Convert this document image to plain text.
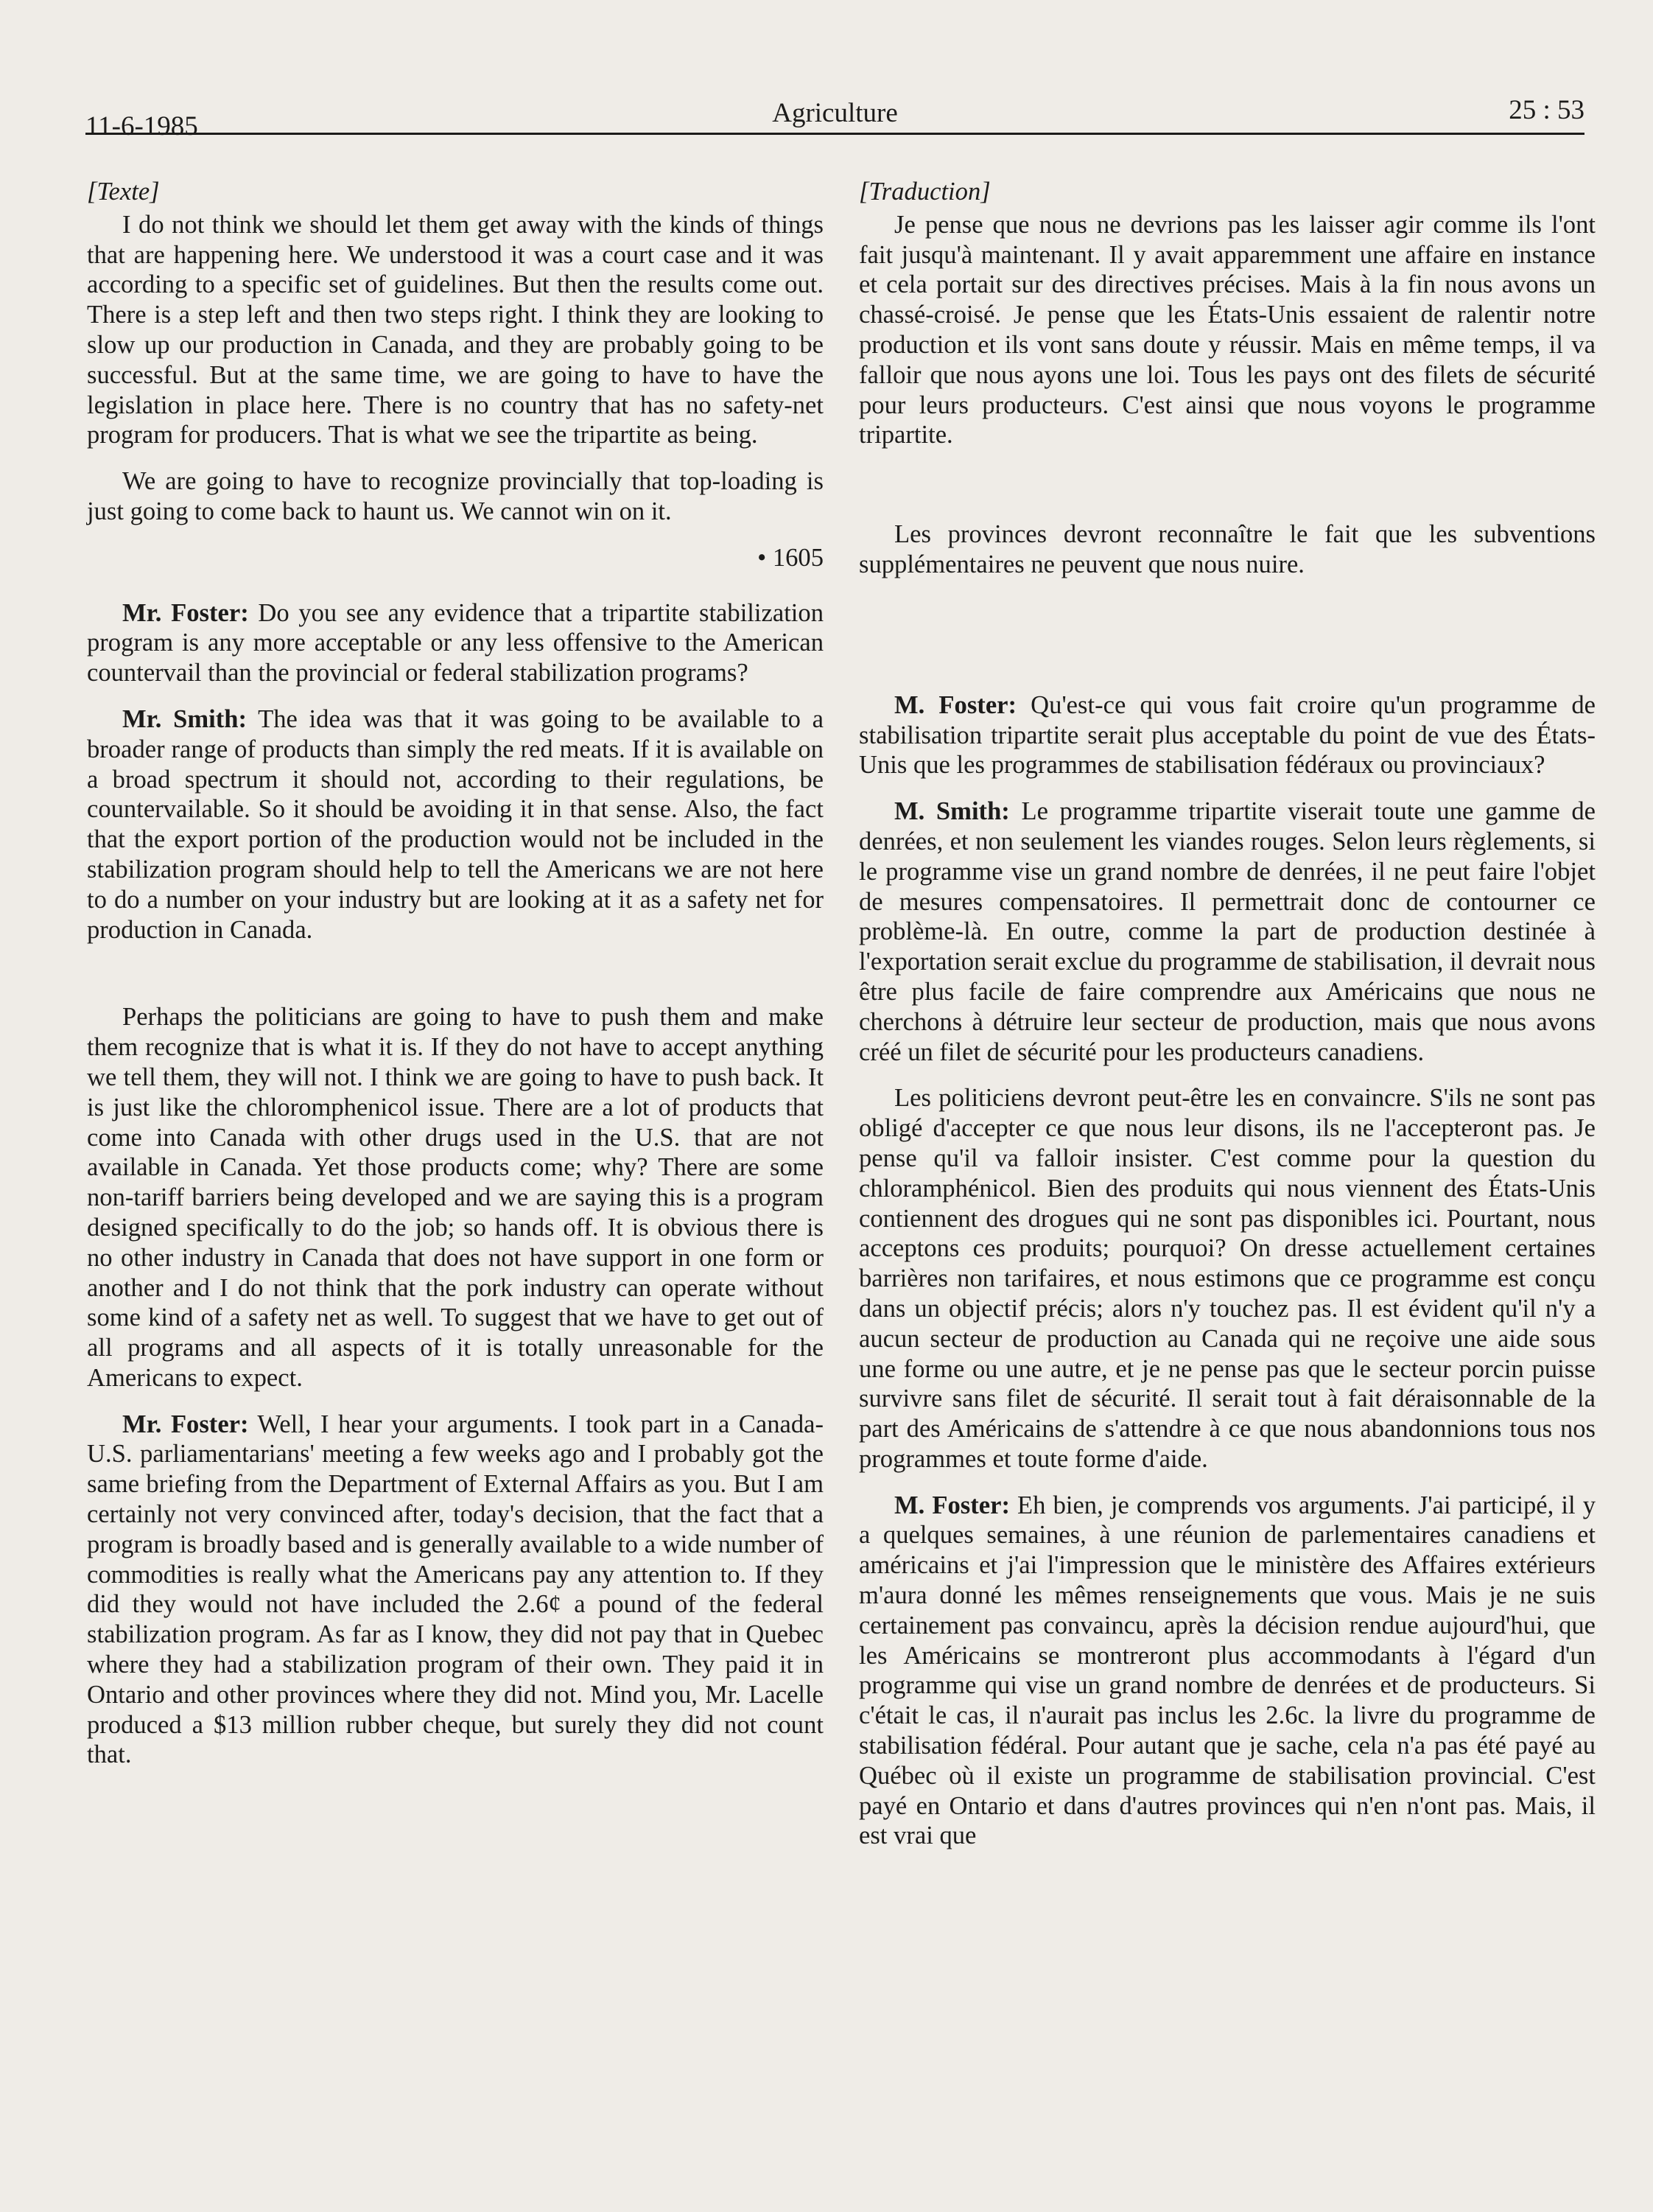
11-6-1985	Agriculture	25 : 53

[Texte]

I do not think we should let them get away with the kinds of things that are happening here. We understood it was a court case and it was according to a specific set of guidelines. But then the results come out. There is a step left and then two steps right. I think they are looking to slow up our production in Canada, and they are probably going to be successful. But at the same time, we are going to have to have the legislation in place here. There is no country that has no safety-net program for producers. That is what we see the tripartite as being.

We are going to have to recognize provincially that top-loading is just going to come back to haunt us. We cannot win on it.

• 1605

Mr. Foster: Do you see any evidence that a tripartite stabilization program is any more acceptable or any less offensive to the American countervail than the provincial or federal stabilization programs?

Mr. Smith: The idea was that it was going to be available to a broader range of products than simply the red meats. If it is available on a broad spectrum it should not, according to their regulations, be countervailable. So it should be avoiding it in that sense. Also, the fact that the export portion of the production would not be included in the stabilization program should help to tell the Americans we are not here to do a number on your industry but are looking at it as a safety net for production in Canada.

Perhaps the politicians are going to have to push them and make them recognize that is what it is. If they do not have to accept anything we tell them, they will not. I think we are going to have to push back. It is just like the chloromphenicol issue. There are a lot of products that come into Canada with other drugs used in the U.S. that are not available in Canada. Yet those products come; why? There are some non-tariff barriers being developed and we are saying this is a program designed specifically to do the job; so hands off. It is obvious there is no other industry in Canada that does not have support in one form or another and I do not think that the pork industry can operate without some kind of a safety net as well. To suggest that we have to get out of all programs and all aspects of it is totally unreasonable for the Americans to expect.

Mr. Foster: Well, I hear your arguments. I took part in a Canada-U.S. parliamentarians' meeting a few weeks ago and I probably got the same briefing from the Department of External Affairs as you. But I am certainly not very convinced after, today's decision, that the fact that a program is broadly based and is generally available to a wide number of commodities is really what the Americans pay any attention to. If they did they would not have included the 2.6¢ a pound of the federal stabilization program. As far as I know, they did not pay that in Quebec where they had a stabilization program of their own. They paid it in Ontario and other provinces where they did not. Mind you, Mr. Lacelle produced a $13 million rubber cheque, but surely they did not count that.

[Traduction]

Je pense que nous ne devrions pas les laisser agir comme ils l'ont fait jusqu'à maintenant. Il y avait apparemment une affaire en instance et cela portait sur des directives précises. Mais à la fin nous avons un chassé-croisé. Je pense que les États-Unis essaient de ralentir notre production et ils vont sans doute y réussir. Mais en même temps, il va falloir que nous ayons une loi. Tous les pays ont des filets de sécurité pour leurs producteurs. C'est ainsi que nous voyons le programme tripartite.

Les provinces devront reconnaître le fait que les subventions supplémentaires ne peuvent que nous nuire.

M. Foster: Qu'est-ce qui vous fait croire qu'un programme de stabilisation tripartite serait plus acceptable du point de vue des États-Unis que les programmes de stabilisation fédéraux ou provinciaux?

M. Smith: Le programme tripartite viserait toute une gamme de denrées, et non seulement les viandes rouges. Selon leurs règlements, si le programme vise un grand nombre de denrées, il ne peut faire l'objet de mesures compensatoires. Il permettrait donc de contourner ce problème-là. En outre, comme la part de production destinée à l'exportation serait exclue du programme de stabilisation, il devrait nous être plus facile de faire comprendre aux Américains que nous ne cherchons à détruire leur secteur de production, mais que nous avons créé un filet de sécurité pour les producteurs canadiens.

Les politiciens devront peut-être les en convaincre. S'ils ne sont pas obligé d'accepter ce que nous leur disons, ils ne l'accepteront pas. Je pense qu'il va falloir insister. C'est comme pour la question du chloramphénicol. Bien des produits qui nous viennent des États-Unis contiennent des drogues qui ne sont pas disponibles ici. Pourtant, nous acceptons ces produits; pourquoi? On dresse actuellement certaines barrières non tarifaires, et nous estimons que ce programme est conçu dans un objectif précis; alors n'y touchez pas. Il est évident qu'il n'y a aucun secteur de production au Canada qui ne reçoive une aide sous une forme ou une autre, et je ne pense pas que le secteur porcin puisse survivre sans filet de sécurité. Il serait tout à fait déraisonnable de la part des Américains de s'attendre à ce que nous abandonnions tous nos programmes et toute forme d'aide.

M. Foster: Eh bien, je comprends vos arguments. J'ai participé, il y a quelques semaines, à une réunion de parlementaires canadiens et américains et j'ai l'impression que le ministère des Affaires extérieurs m'aura donné les mêmes renseignements que vous. Mais je ne suis certainement pas convaincu, après la décision rendue aujourd'hui, que les Américains se montreront plus accommodants à l'égard d'un programme qui vise un grand nombre de denrées et de producteurs. Si c'était le cas, il n'aurait pas inclus les 2.6c. la livre du programme de stabilisation fédéral. Pour autant que je sache, cela n'a pas été payé au Québec où il existe un programme de stabilisation provincial. C'est payé en Ontario et dans d'autres provinces qui n'en n'ont pas. Mais, il est vrai que
